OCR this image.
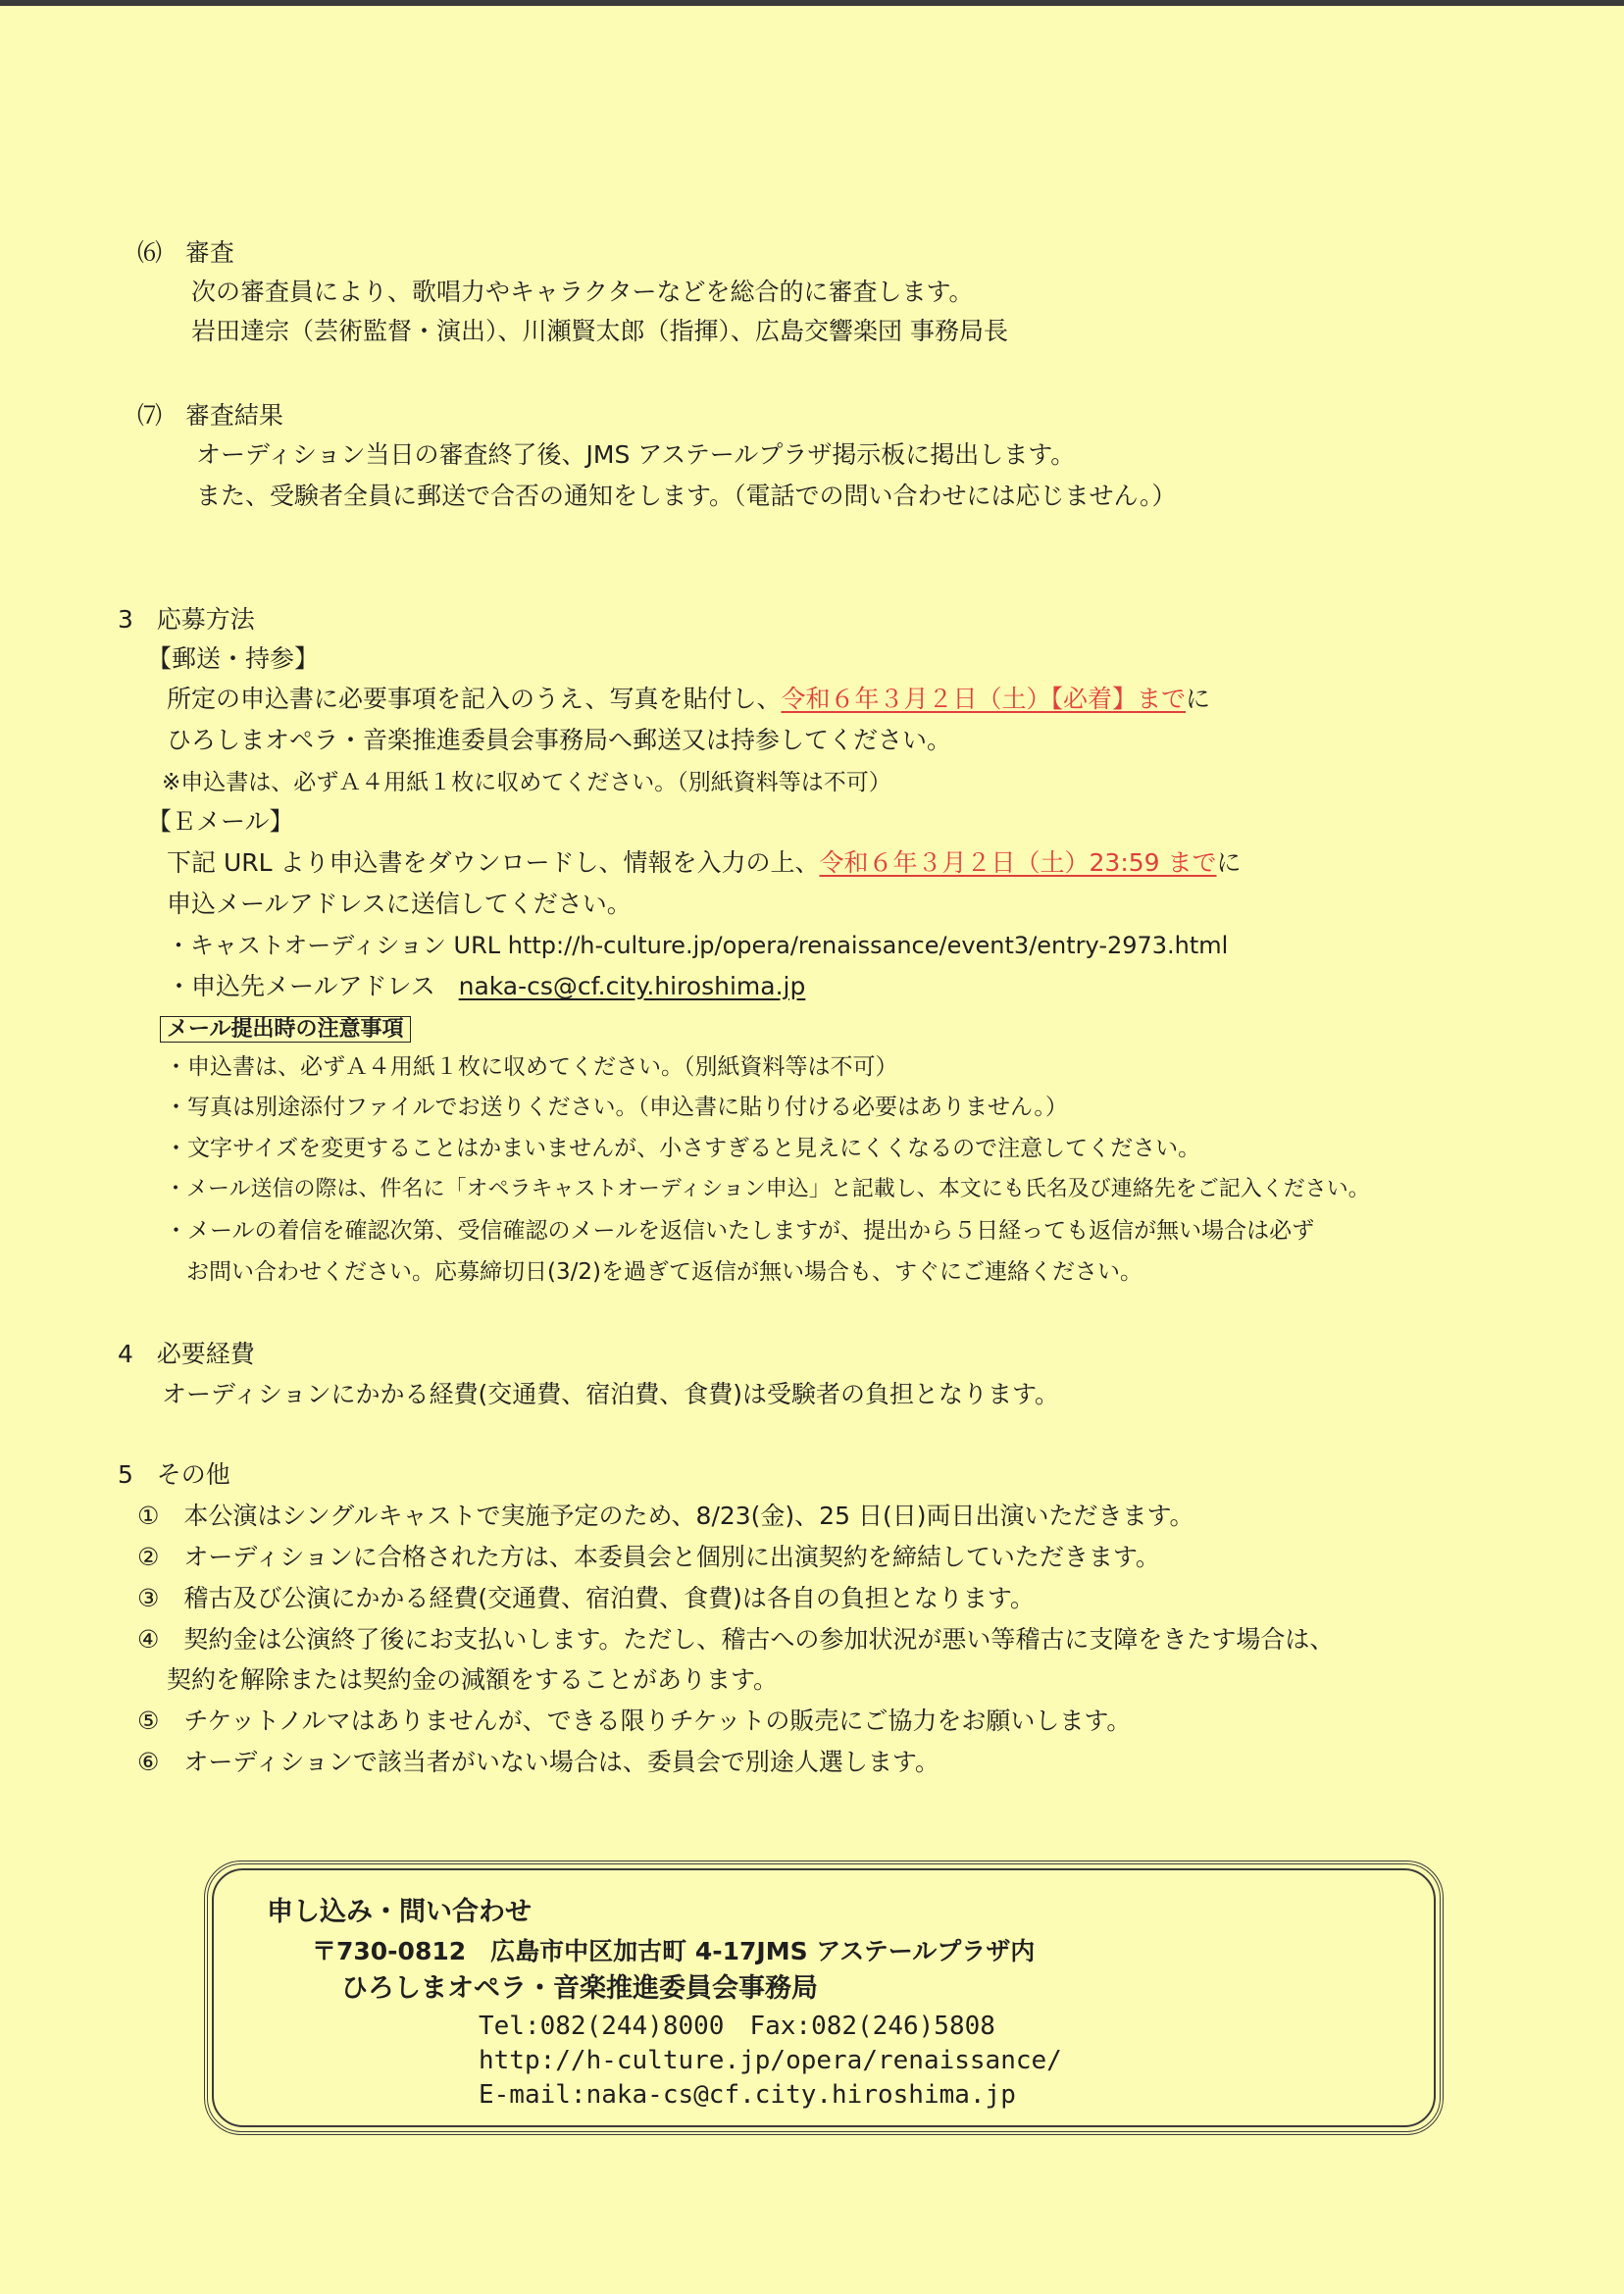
⑹ 審査
次の審査員により、歌唱力やキャラクターなどを総合的に審査します。
岩田達宗（芸術監督・演出）、川瀬賢太郎（指揮）、広島交響楽団 事務局長
⑺ 審査結果
オーディション当日の審査終了後、JMS アステールプラザ掲示板に掲出します。
また、受験者全員に郵送で合否の通知をします。（電話での問い合わせには応じません。）
3 応募方法
【郵送・持参】
所定の申込書に必要事項を記入のうえ、写真を貼付し、令和６年３月２日（土）【必着】までに
ひろしまオペラ・音楽推進委員会事務局へ郵送又は持参してください。
※申込書は、必ずＡ４用紙１枚に収めてください。（別紙資料等は不可）
【Ｅメール】
下記 URL より申込書をダウンロードし、情報を入力の上、令和６年３月２日（土）23:59 までに
申込メールアドレスに送信してください。
・キャストオーディション URL http://h-culture.jp/opera/renaissance/event3/entry-2973.html
・申込先メールアドレス naka-cs@cf.city.hiroshima.jp
メール提出時の注意事項
・申込書は、必ずＡ４用紙１枚に収めてください。（別紙資料等は不可）
・写真は別途添付ファイルでお送りください。（申込書に貼り付ける必要はありません。）
・文字サイズを変更することはかまいませんが、小さすぎると見えにくくなるので注意してください。
・メール送信の際は、件名に「オペラキャストオーディション申込」と記載し、本文にも氏名及び連絡先をご記入ください。
・メールの着信を確認次第、受信確認のメールを返信いたしますが、提出から５日経っても返信が無い場合は必ず
お問い合わせください。応募締切日(3/2)を過ぎて返信が無い場合も、すぐにご連絡ください。
4 必要経費
オーディションにかかる経費(交通費、宿泊費、食費)は受験者の負担となります。
5 その他
①　本公演はシングルキャストで実施予定のため、8/23(金)、25 日(日)両日出演いただきます。
②　オーディションに合格された方は、本委員会と個別に出演契約を締結していただきます。
③　稽古及び公演にかかる経費(交通費、宿泊費、食費)は各自の負担となります。
④　契約金は公演終了後にお支払いします。ただし、稽古への参加状況が悪い等稽古に支障をきたす場合は、
契約を解除または契約金の減額をすることがあります。
⑤　チケットノルマはありませんが、できる限りチケットの販売にご協力をお願いします。
⑥　オーディションで該当者がいない場合は、委員会で別途人選します。
申し込み・問い合わせ
〒730-0812　広島市中区加古町 4-17JMS アステールプラザ内
ひろしまオペラ・音楽推進委員会事務局
Tel:082(244)8000　Fax:082(246)5808
http://h-culture.jp/opera/renaissance/
E-mail:naka-cs@cf.city.hiroshima.jp
